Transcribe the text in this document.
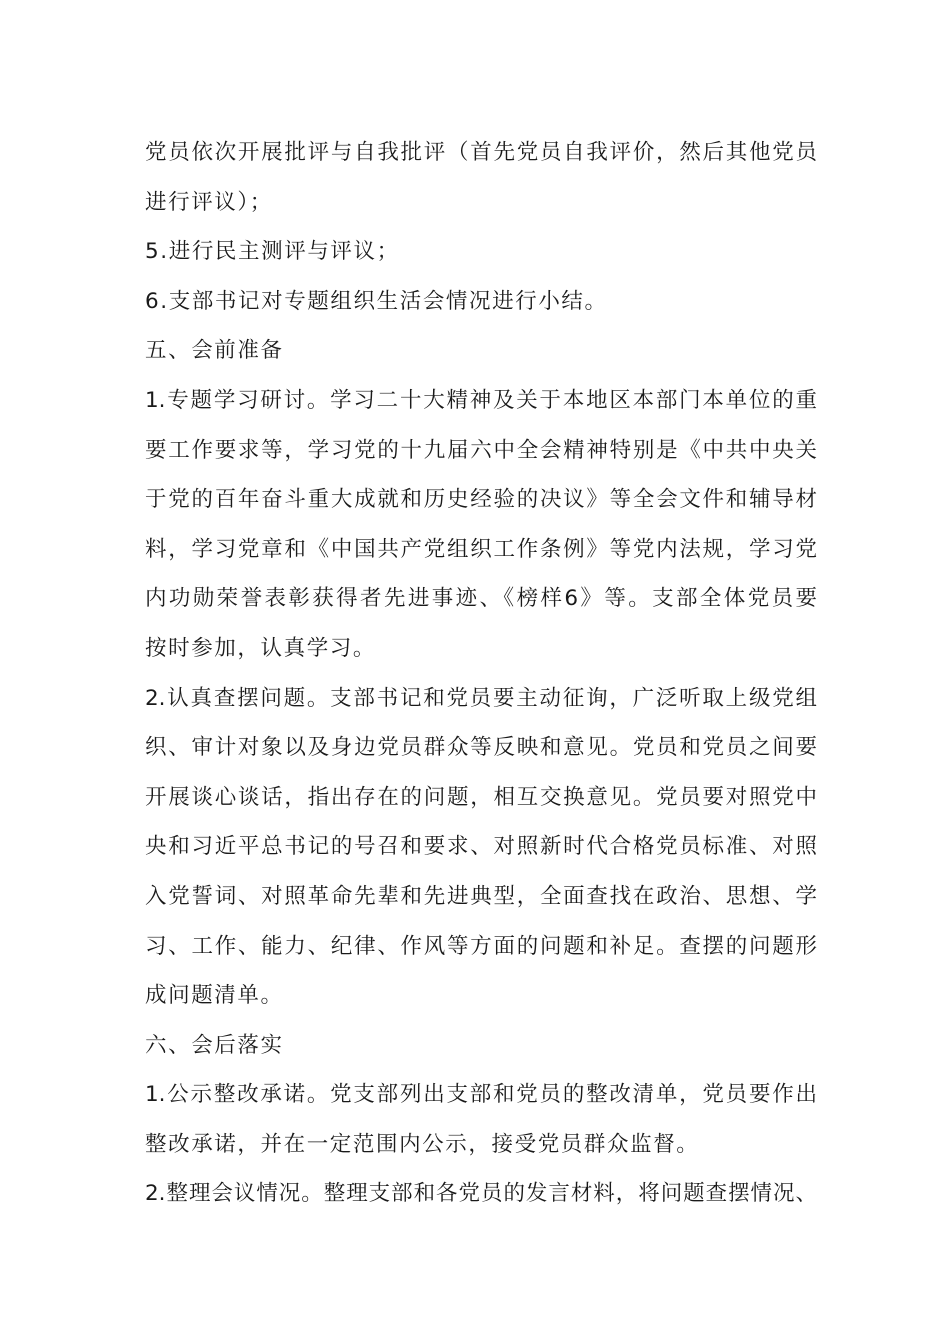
党员依次开展批评与自我批评（首先党员自我评价，然后其他党员
进行评议）；
5.进行民主测评与评议；
6.支部书记对专题组织生活会情况进行小结。
五、会前准备
1.专题学习研讨。学习二十大精神及关于本地区本部门本单位的重
要工作要求等，学习党的十九届六中全会精神特别是《中共中央关
于党的百年奋斗重大成就和历史经验的决议》等全会文件和辅导材
料，学习党章和《中国共产党组织工作条例》等党内法规，学习党
内功勋荣誉表彰获得者先进事迹、《榜样6》等。支部全体党员要
按时参加，认真学习。
2.认真查摆问题。支部书记和党员要主动征询，广泛听取上级党组
织、审计对象以及身边党员群众等反映和意见。党员和党员之间要
开展谈心谈话，指出存在的问题，相互交换意见。党员要对照党中
央和习近平总书记的号召和要求、对照新时代合格党员标准、对照
入党誓词、对照革命先辈和先进典型，全面查找在政治、思想、学
习、工作、能力、纪律、作风等方面的问题和补足。查摆的问题形
成问题清单。
六、会后落实
1.公示整改承诺。党支部列出支部和党员的整改清单，党员要作出
整改承诺，并在一定范围内公示，接受党员群众监督。
2.整理会议情况。整理支部和各党员的发言材料，将问题查摆情况、
